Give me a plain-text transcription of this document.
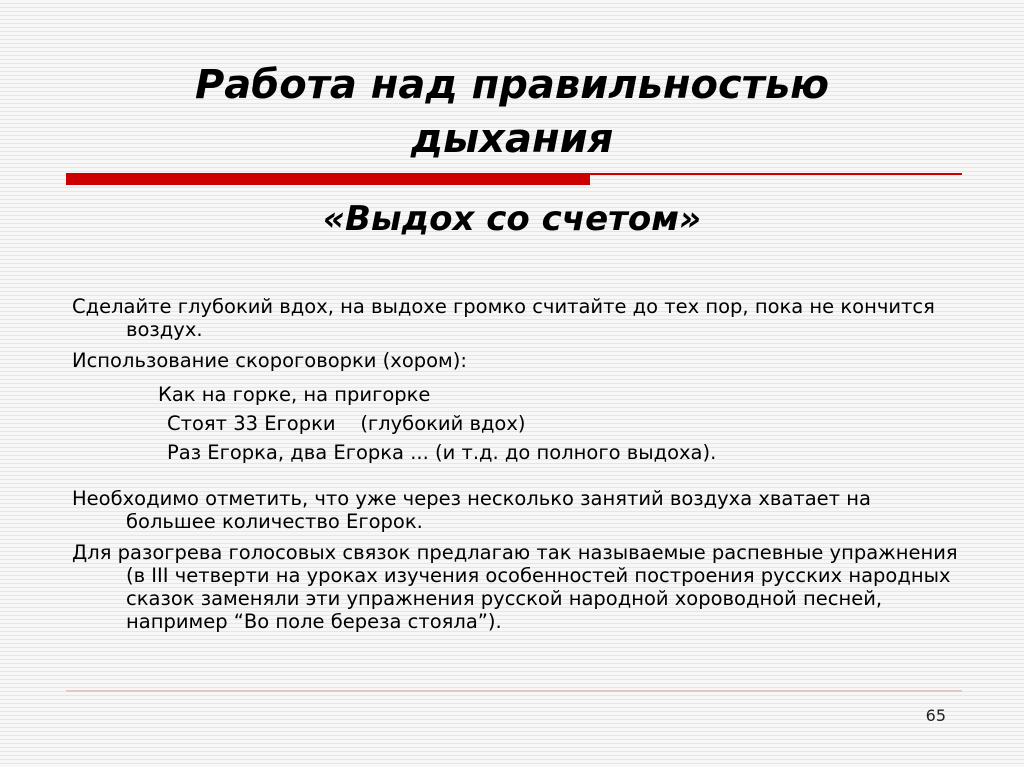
Работа над правильностью
дыхания
«Выдох со счетом»

Сделайте глубокий вдох, на выдохе громко считайте до тех пор, пока не кончится воздух.

Использование скороговорки (хором):

Как на горке, на пригорке

Стоят 33 Егорки    (глубокий вдох)

Раз Егорка, два Егорка ... (и т.д. до полного выдоха).

Необходимо отметить, что уже через несколько занятий воздуха хватает на большее количество Егорок.

Для разогрева голосовых связок предлагаю так называемые распевные упражнения (в III четверти на уроках изучения особенностей построения русских народных сказок заменяли эти упражнения русской народной хороводной песней, например “Во поле береза стояла”).

65
